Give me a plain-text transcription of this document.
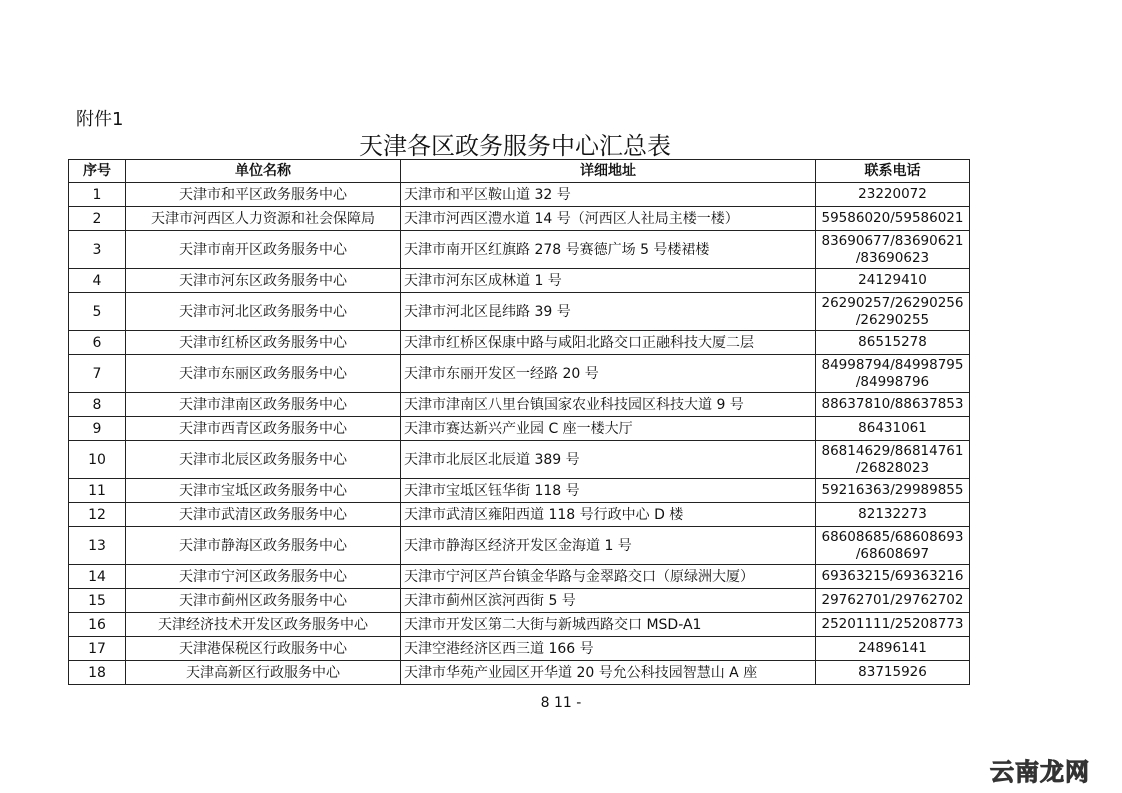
附件1
天津各区政务服务中心汇总表
序号	单位名称	详细地址	联系电话
1	天津市和平区政务服务中心	天津市和平区鞍山道 32 号	23220072

2	天津市河西区人力资源和社会保障局	天津市河西区澧水道 14 号（河西区人社局主楼一楼）	59586020/59586021

3	天津市南开区政务服务中心	天津市南开区红旗路 278 号赛德广场 5 号楼裙楼	83690677/83690621
/83690623

4	天津市河东区政务服务中心	天津市河东区成林道 1 号	24129410

5	天津市河北区政务服务中心	天津市河北区昆纬路 39 号	26290257/26290256
/26290255

6	天津市红桥区政务服务中心	天津市红桥区保康中路与咸阳北路交口正融科技大厦二层	86515278

7	天津市东丽区政务服务中心	天津市东丽开发区一经路 20 号	84998794/84998795
/84998796

8	天津市津南区政务服务中心	天津市津南区八里台镇国家农业科技园区科技大道 9 号	88637810/88637853

9	天津市西青区政务服务中心	天津市赛达新兴产业园 C 座一楼大厅	86431061

10	天津市北辰区政务服务中心	天津市北辰区北辰道 389 号	86814629/86814761
/26828023

11	天津市宝坻区政务服务中心	天津市宝坻区钰华街 118 号	59216363/29989855

12	天津市武清区政务服务中心	天津市武清区雍阳西道 118 号行政中心 D 楼	82132273

13	天津市静海区政务服务中心	天津市静海区经济开发区金海道 1 号	68608685/68608693
/68608697

14	天津市宁河区政务服务中心	天津市宁河区芦台镇金华路与金翠路交口（原绿洲大厦）	69363215/69363216

15	天津市蓟州区政务服务中心	天津市蓟州区滨河西街 5 号	29762701/29762702

16	天津经济技术开发区政务服务中心	天津市开发区第二大街与新城西路交口 MSD-A1	25201111/25208773

17	天津港保税区行政服务中心	天津空港经济区西三道 166 号	24896141

18	天津高新区行政服务中心	天津市华苑产业园区开华道 20 号允公科技园智慧山 A 座	83715926
8 11 -
云南龙网
